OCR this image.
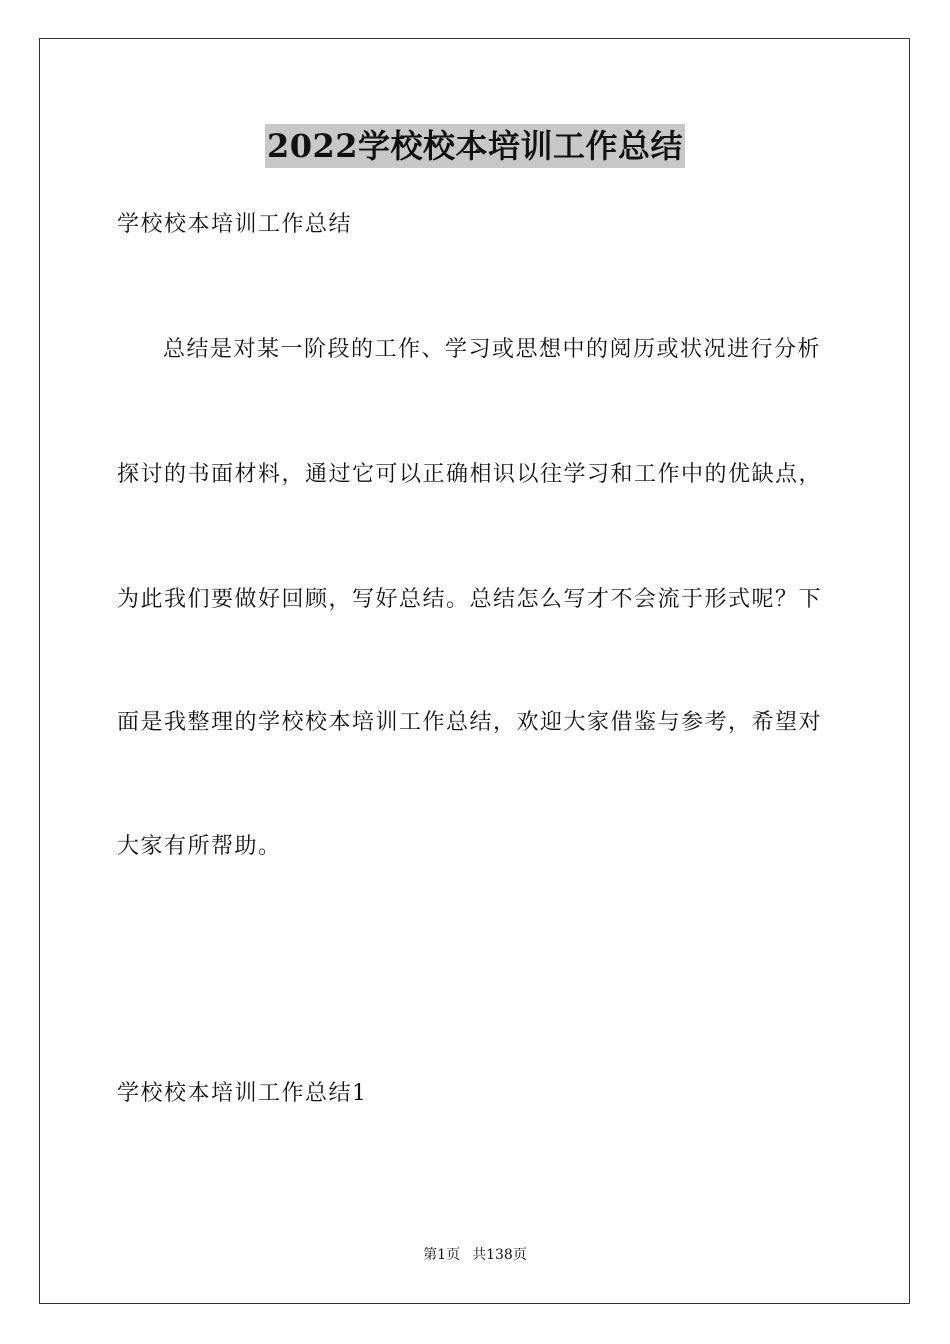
2022学校校本培训工作总结
学校校本培训工作总结
总结是对某一阶段的工作、学习或思想中的阅历或状况进行分析
探讨的书面材料，通过它可以正确相识以往学习和工作中的优缺点，
为此我们要做好回顾，写好总结。总结怎么写才不会流于形式呢？下
面是我整理的学校校本培训工作总结，欢迎大家借鉴与参考，希望对
大家有所帮助。
学校校本培训工作总结1
第1页 共138页
